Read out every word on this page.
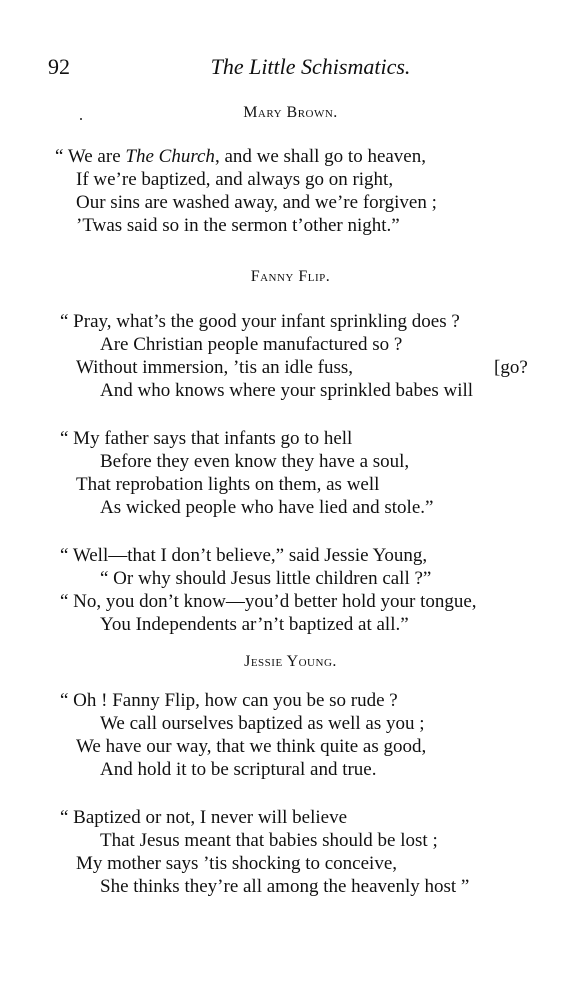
92	The Little Schismatics.
Mary Brown.
“ We are The Church, and we shall go to heaven,
If we’re baptized, and always go on right,
Our sins are washed away, and we’re forgiven ;
’Twas said so in the sermon t’other night.”
Fanny Flip.
“ Pray, what’s the good your infant sprinkling does ?
Are Christian people manufactured so ?
Without immersion, ’tis an idle fuss,	[go?
And who knows where your sprinkled babes will
“ My father says that infants go to hell
Before they even know they have a soul,
That reprobation lights on them, as well
As wicked people who have lied and stole.”
“ Well—that I don’t believe,” said Jessie Young,
“ Or why should Jesus little children call ?”
“ No, you don’t know—you’d better hold your tongue,
You Independents ar’n’t baptized at all.”
Jessie Young.
“ Oh ! Fanny Flip, how can you be so rude ?
We call ourselves baptized as well as you ;
We have our way, that we think quite as good,
And hold it to be scriptural and true.
“ Baptized or not, I never will believe
That Jesus meant that babies should be lost ;
My mother says ’tis shocking to conceive,
She thinks they’re all among the heavenly host ”
